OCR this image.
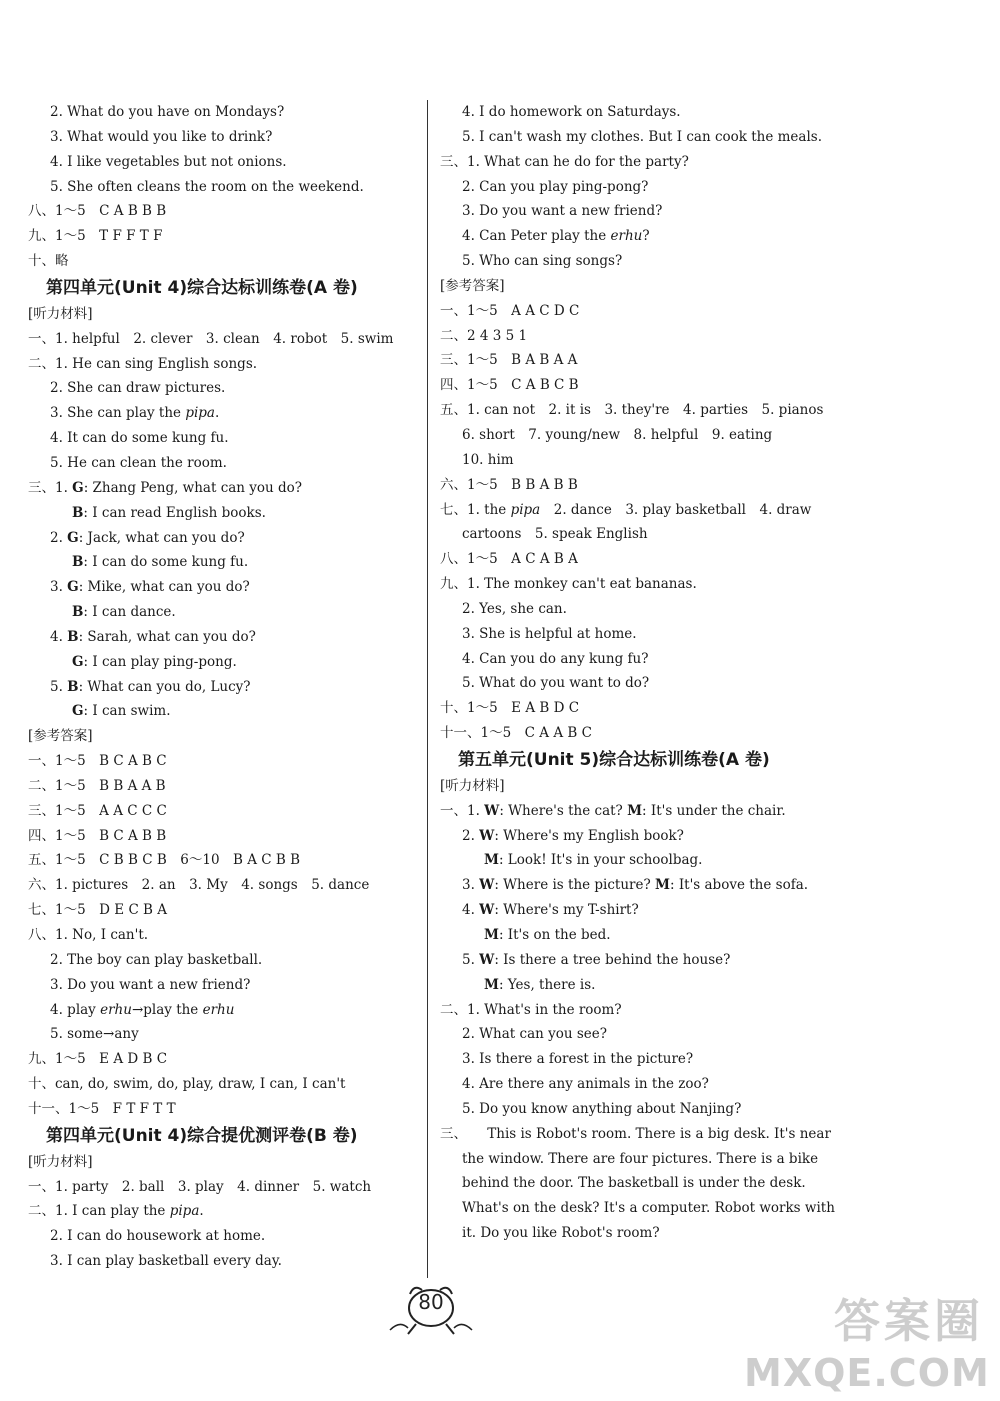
2. What do you have on Mondays?
3. What would you like to drink?
4. I like vegetables but not onions.
5. She often cleans the room on the weekend.
八、1～5　C A B B B
九、1～5　T F F T F
十、略
第四单元(Unit 4)综合达标训练卷(A 卷)
[听力材料]
一、1. helpful　2. clever　3. clean　4. robot　5. swim
二、1. He can sing English songs.
2. She can draw pictures.
3. She can play the pipa.
4. It can do some kung fu.
5. He can clean the room.
三、1. G: Zhang Peng, what can you do?
B: I can read English books.
2. G: Jack, what can you do?
B: I can do some kung fu.
3. G: Mike, what can you do?
B: I can dance.
4. B: Sarah, what can you do?
G: I can play ping-pong.
5. B: What can you do, Lucy?
G: I can swim.
[参考答案]
一、1～5　B C A B C
二、1～5　B B A A B
三、1～5　A A C C C
四、1～5　B C A B B
五、1～5　C B B C B　6～10　B A C B B
六、1. pictures　2. an　3. My　4. songs　5. dance
七、1～5　D E C B A
八、1. No, I can't.
2. The boy can play basketball.
3. Do you want a new friend?
4. play erhu→play the erhu
5. some→any
九、1～5　E A D B C
十、can, do, swim, do, play, draw, I can, I can't
十一、1～5　F T F T T
第四单元(Unit 4)综合提优测评卷(B 卷)
[听力材料]
一、1. party　2. ball　3. play　4. dinner　5. watch
二、1. I can play the pipa.
2. I can do housework at home.
3. I can play basketball every day.
4. I do homework on Saturdays.
5. I can't wash my clothes. But I can cook the meals.
三、1. What can he do for the party?
2. Can you play ping-pong?
3. Do you want a new friend?
4. Can Peter play the erhu?
5. Who can sing songs?
[参考答案]
一、1～5　A A C D C
二、2 4 3 5 1
三、1～5　B A B A A
四、1～5　C A B C B
五、1. can not　2. it is　3. they're　4. parties　5. pianos
6. short　7. young/new　8. helpful　9. eating
10. him
六、1～5　B B A B B
七、1. the pipa　2. dance　3. play basketball　4. draw
cartoons　5. speak English
八、1～5　A C A B A
九、1. The monkey can't eat bananas.
2. Yes, she can.
3. She is helpful at home.
4. Can you do any kung fu?
5. What do you want to do?
十、1～5　E A B D C
十一、1～5　C A A B C
第五单元(Unit 5)综合达标训练卷(A 卷)
[听力材料]
一、1. W: Where's the cat? M: It's under the chair.
2. W: Where's my English book?
M: Look! It's in your schoolbag.
3. W: Where is the picture? M: It's above the sofa.
4. W: Where's my T-shirt?
M: It's on the bed.
5. W: Is there a tree behind the house?
M: Yes, there is.
二、1. What's in the room?
2. What can you see?
3. Is there a forest in the picture?
4. Are there any animals in the zoo?
5. Do you know anything about Nanjing?
三、　　This is Robot's room. There is a big desk. It's near
the window. There are four pictures. There is a bike
behind the door. The basketball is under the desk.
What's on the desk? It's a computer. Robot works with
it. Do you like Robot's room?
80	答案圈
MXQE.COM
